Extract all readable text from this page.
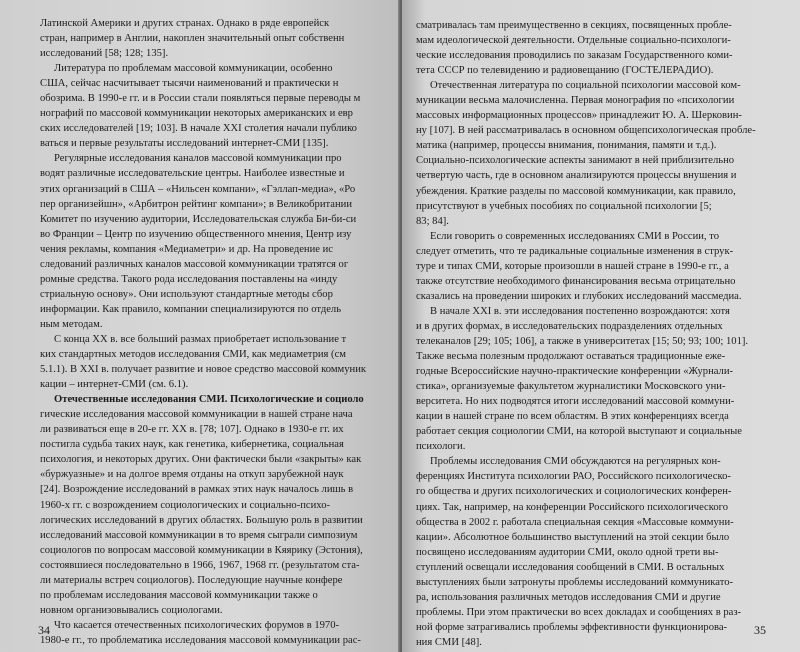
Латинской Америки и других странах. Однако в ряде европейск
стран, например в Англии, накоплен значительный опыт собственн
исследований [58; 128; 135].
Литература по проблемам массовой коммуникации, особенно
США, сейчас насчитывает тысячи наименований и практически н
обозрима. В 1990-е гг. и в России стали появляться первые переводы м
нографий по массовой коммуникации некоторых американских и евр
ских исследователей [19; 103]. В начале XXI столетия начали публико
ваться и первые результаты исследований интернет-СМИ [135].
Регулярные исследования каналов массовой коммуникации про
водят различные исследовательские центры. Наиболее известные и
этих организаций в США – «Нильсен компани», «Гэллап-медиа», «Ро
пер организейшн», «Арбитрон рейтинг компани»; в Великобритании
Комитет по изучению аудитории, Исследовательская служба Би-би-си
во Франции – Центр по изучению общественного мнения, Центр изу
чения рекламы, компания «Медиаметри» и др. На проведение ис
следований различных каналов массовой коммуникации тратятся ог
ромные средства. Такого рода исследования поставлены на «инду
стриальную основу». Они используют стандартные методы сбор
информации. Как правило, компании специализируются по отдель
ным методам.
С конца XX в. все больший размах приобретает использование т
ких стандартных методов исследования СМИ, как медиаметрия (см
5.1.1). В XXI в. получает развитие и новое средство массовой коммуник
кации – интернет-СМИ (см. 6.1).
Отечественные исследования СМИ. Психологические и социоло
гические исследования массовой коммуникации в нашей стране нача
ли развиваться еще в 20-е гг. XX в. [78; 107]. Однако в 1930-е гг. их
постигла судьба таких наук, как генетика, кибернетика, социальная
психология, и некоторых других. Они фактически были «закрыты» как
«буржуазные» и на долгое время отданы на откуп зарубежной наук
[24]. Возрождение исследований в рамках этих наук началось лишь в
1960-х гг. с возрождением социологических и социально-психо-
логических исследований в других областях. Большую роль в развитии
исследований массовой коммуникации в то время сыграли симпозиум
социологов по вопросам массовой коммуникации в Кяярику (Эстония),
состоявшиеся последовательно в 1966, 1967, 1968 гг. (результатом ста-
ли материалы встреч социологов). Последующие научные конфере
по проблемам исследования массовой коммуникации также о
новном организовывались социологами.
Что касается отечественных психологических форумов в 1970-
1980-е гг., то проблематика исследования массовой коммуникации рас-
34
сматривалась там преимущественно в секциях, посвященных пробле-
мам идеологической деятельности. Отдельные социально-психологи-
ческие исследования проводились по заказам Государственного коми-
тета СССР по телевидению и радиовещанию (ГОСТЕЛЕРАДИО).
Отечественная литература по социальной психологии массовой ком-
муникации весьма малочисленна. Первая монография по «психологии
массовых информационных процессов» принадлежит Ю. А. Шерковин-
ну [107]. В ней рассматривалась в основном общепсихологическая пробле-
матика (например, процессы внимания, понимания, памяти и т.д.).
Социально-психологические аспекты занимают в ней приблизительно
четвертую часть, где в основном анализируются процессы внушения и
убеждения. Краткие разделы по массовой коммуникации, как правило,
присутствуют в учебных пособиях по социальной психологии [5;
83; 84].
Если говорить о современных исследованиях СМИ в России, то
следует отметить, что те радикальные социальные изменения в струк-
туре и типах СМИ, которые произошли в нашей стране в 1990-е гг., а
также отсутствие необходимого финансирования весьма отрицательно
сказались на проведении широких и глубоких исследований массмедиа.
В начале XXI в. эти исследования постепенно возрождаются: хотя
и в других формах, в исследовательских подразделениях отдельных
телеканалов [29; 105; 106], а также в университетах [15; 50; 93; 100; 101].
Также весьма полезным продолжают оставаться традиционные еже-
годные Всероссийские научно-практические конференции «Журнали-
стика», организуемые факультетом журналистики Московского уни-
верситета. Но них подводятся итоги исследований массовой коммуни-
кации в нашей стране по всем областям. В этих конференциях всегда
работает секция социологии СМИ, на которой выступают и социальные
психологи.
Проблемы исследования СМИ обсуждаются на регулярных кон-
ференциях Института психологии РАО, Российского психологическо-
го общества и других психологических и социологических конферен-
циях. Так, например, на конференции Российского психологического
общества в 2002 г. работала специальная секция «Массовые коммуни-
кации». Абсолютное большинство выступлений на этой секции было
посвящено исследованиям аудитории СМИ, около одной трети вы-
ступлений освещали исследования сообщений в СМИ. В остальных
выступлениях были затронуты проблемы исследований коммуникато-
ра, использования различных методов исследования СМИ и другие
проблемы. При этом практически во всех докладах и сообщениях в раз-
ной форме затрагивались проблемы эффективности функционирова-
ния СМИ [48].
35
